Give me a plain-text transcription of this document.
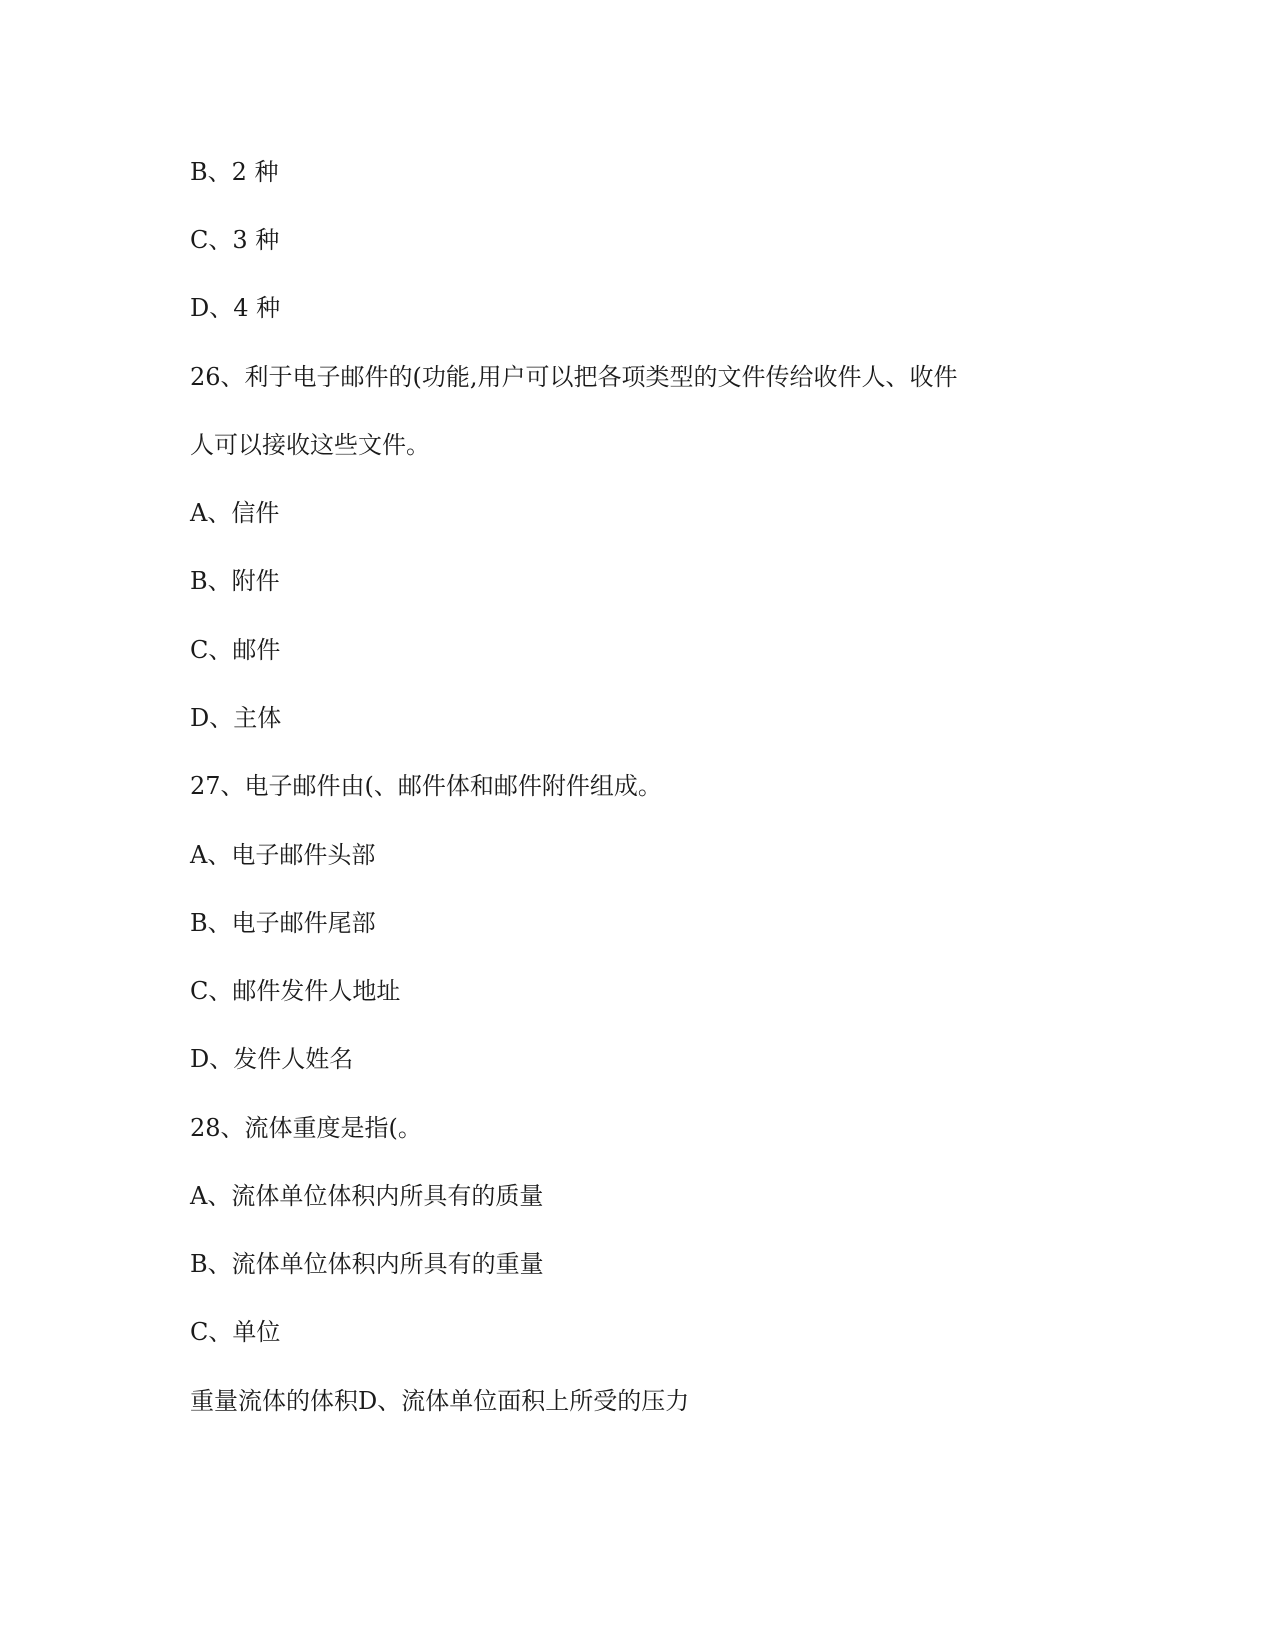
B、2 种
C、3 种
D、4 种
26、利于电子邮件的(功能,用户可以把各项类型的文件传给收件人、收件
人可以接收这些文件。
A、信件
B、附件
C、邮件
D、主体
27、电子邮件由(、邮件体和邮件附件组成。
A、电子邮件头部
B、电子邮件尾部
C、邮件发件人地址
D、发件人姓名
28、流体重度是指(。
A、流体单位体积内所具有的质量
B、流体单位体积内所具有的重量
C、单位
重量流体的体积D、流体单位面积上所受的压力
